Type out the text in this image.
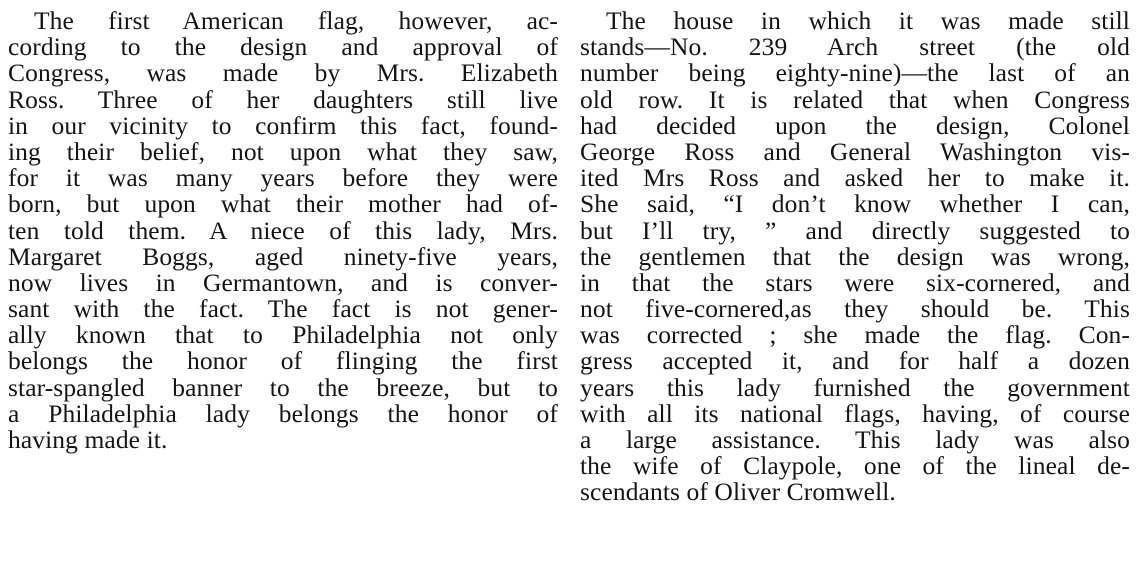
The first American flag, however, ac-
cording to the design and approval of
Congress, was made by Mrs. Elizabeth
Ross. Three of her daughters still live
in our vicinity to confirm this fact, found-
ing their belief, not upon what they saw,
for it was many years before they were
born, but upon what their mother had of-
ten told them. A niece of this lady, Mrs.
Margaret Boggs, aged ninety-five years,
now lives in Germantown, and is conver-
sant with the fact. The fact is not gener-
ally known that to Philadelphia not only
belongs the honor of flinging the first
star-spangled banner to the breeze, but to
a Philadelphia lady belongs the honor of
having made it.
The house in which it was made still
stands—No. 239 Arch street (the old
number being eighty-nine)—the last of an
old row. It is related that when Congress
had decided upon the design, Colonel
George Ross and General Washington vis-
ited Mrs Ross and asked her to make it.
She said, “I don’t know whether I can,
but I’ll try, ” and directly suggested to
the gentlemen that the design was wrong,
in that the stars were six-cornered, and
not five-cornered,as they should be. This
was corrected ; she made the flag. Con-
gress accepted it, and for half a dozen
years this lady furnished the government
with all its national flags, having, of course
a large assistance. This lady was also
the wife of Claypole, one of the lineal de-
scendants of Oliver Cromwell.
